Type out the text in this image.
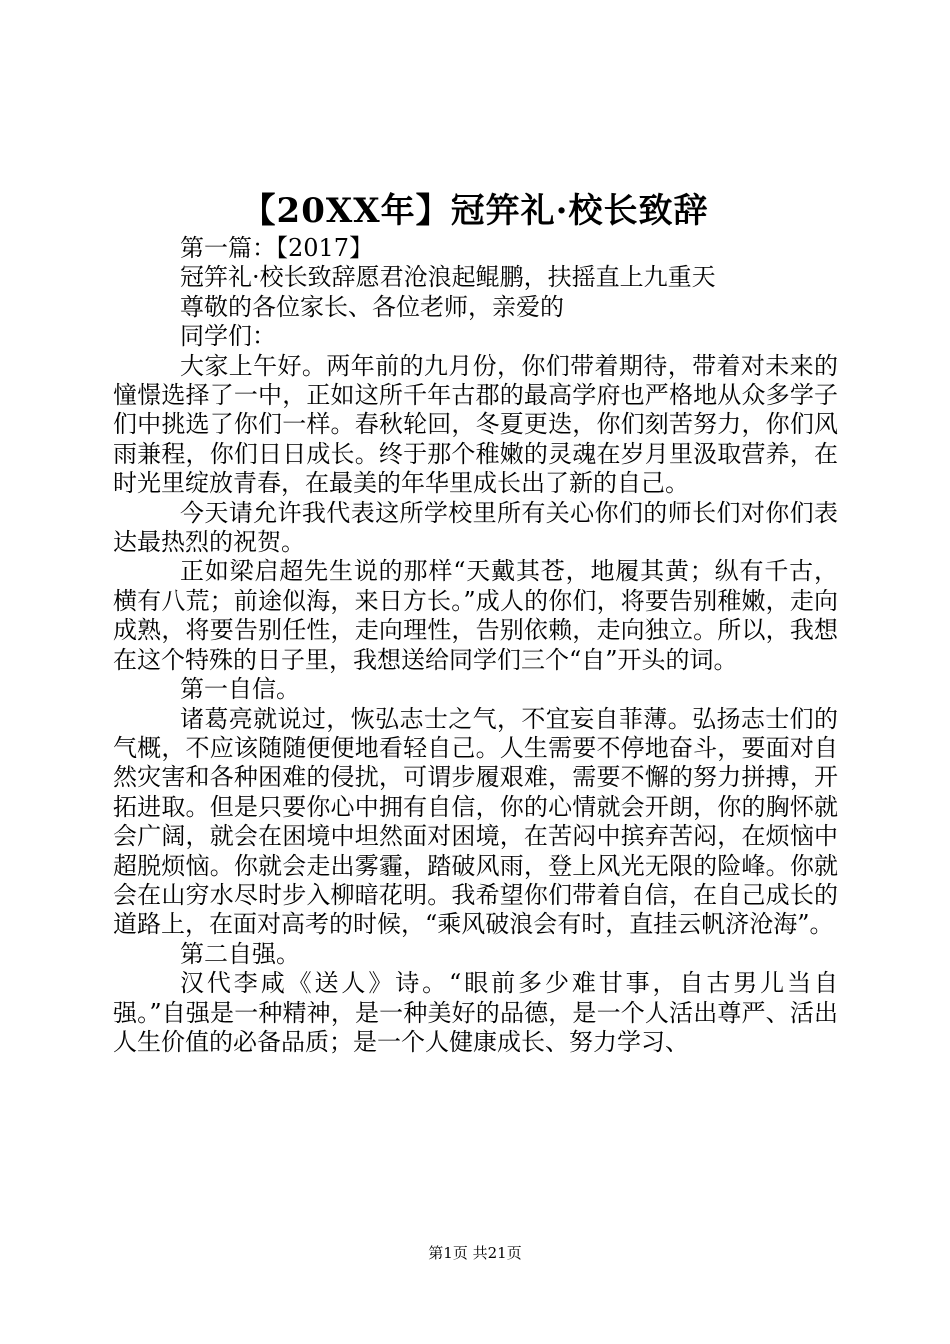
【20XX年】冠笄礼·校长致辞

第一篇：【2017】

冠笄礼·校长致辞愿君沧浪起鲲鹏，扶摇直上九重天

尊敬的各位家长、各位老师，亲爱的

同学们：

大家上午好。两年前的九月份，你们带着期待，带着对未来的憧憬选择了一中，正如这所千年古郡的最高学府也严格地从众多学子们中挑选了你们一样。春秋轮回，冬夏更迭，你们刻苦努力，你们风雨兼程，你们日日成长。终于那个稚嫩的灵魂在岁月里汲取营养，在时光里绽放青春，在最美的年华里成长出了新的自己。

今天请允许我代表这所学校里所有关心你们的师长们对你们表达最热烈的祝贺。

正如梁启超先生说的那样“天戴其苍，地履其黄；纵有千古，横有八荒；前途似海，来日方长。”成人的你们，将要告别稚嫩，走向成熟，将要告别任性，走向理性，告别依赖，走向独立。所以，我想在这个特殊的日子里，我想送给同学们三个“自”开头的词。

第一自信。

诸葛亮就说过，恢弘志士之气，不宜妄自菲薄。弘扬志士们的气概，不应该随随便便地看轻自己。人生需要不停地奋斗，要面对自然灾害和各种困难的侵扰，可谓步履艰难，需要不懈的努力拼搏，开拓进取。但是只要你心中拥有自信，你的心情就会开朗，你的胸怀就会广阔，就会在困境中坦然面对困境，在苦闷中摈弃苦闷，在烦恼中超脱烦恼。你就会走出雾霾，踏破风雨，登上风光无限的险峰。你就会在山穷水尽时步入柳暗花明。我希望你们带着自信，在自己成长的道路上，在面对高考的时候，“乘风破浪会有时，直挂云帆济沧海”。

第二自强。

汉代李咸《送人》诗。“眼前多少难甘事，自古男儿当自强。”自强是一种精神，是一种美好的品德，是一个人活出尊严、活出人生价值的必备品质；是一个人健康成长、努力学习、

第1页 共21页
